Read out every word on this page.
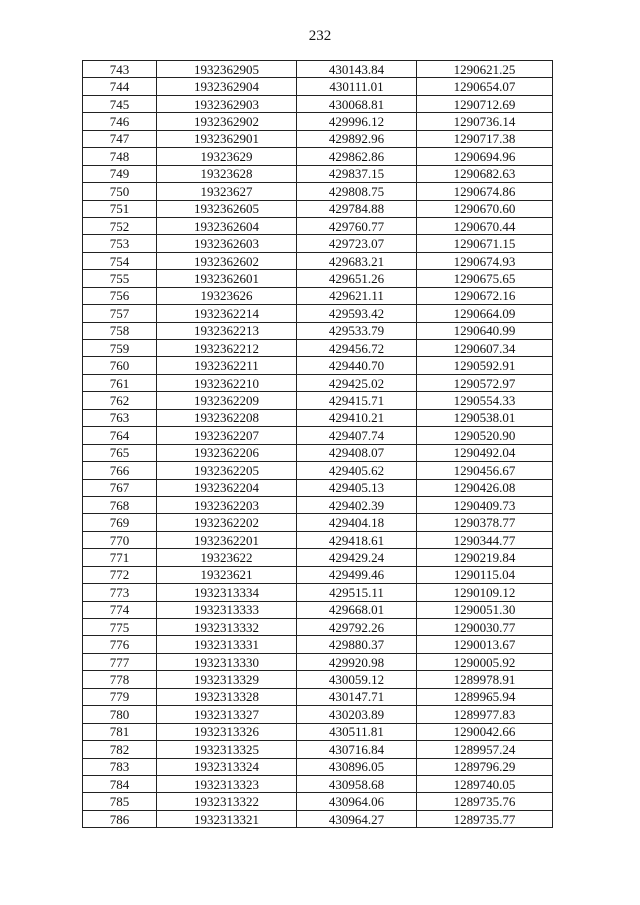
232
743	1932362905	430143.84	1290621.25
744	1932362904	430111.01	1290654.07
745	1932362903	430068.81	1290712.69
746	1932362902	429996.12	1290736.14
747	1932362901	429892.96	1290717.38
748	19323629	429862.86	1290694.96
749	19323628	429837.15	1290682.63
750	19323627	429808.75	1290674.86
751	1932362605	429784.88	1290670.60
752	1932362604	429760.77	1290670.44
753	1932362603	429723.07	1290671.15
754	1932362602	429683.21	1290674.93
755	1932362601	429651.26	1290675.65
756	19323626	429621.11	1290672.16
757	1932362214	429593.42	1290664.09
758	1932362213	429533.79	1290640.99
759	1932362212	429456.72	1290607.34
760	1932362211	429440.70	1290592.91
761	1932362210	429425.02	1290572.97
762	1932362209	429415.71	1290554.33
763	1932362208	429410.21	1290538.01
764	1932362207	429407.74	1290520.90
765	1932362206	429408.07	1290492.04
766	1932362205	429405.62	1290456.67
767	1932362204	429405.13	1290426.08
768	1932362203	429402.39	1290409.73
769	1932362202	429404.18	1290378.77
770	1932362201	429418.61	1290344.77
771	19323622	429429.24	1290219.84
772	19323621	429499.46	1290115.04
773	1932313334	429515.11	1290109.12
774	1932313333	429668.01	1290051.30
775	1932313332	429792.26	1290030.77
776	1932313331	429880.37	1290013.67
777	1932313330	429920.98	1290005.92
778	1932313329	430059.12	1289978.91
779	1932313328	430147.71	1289965.94
780	1932313327	430203.89	1289977.83
781	1932313326	430511.81	1290042.66
782	1932313325	430716.84	1289957.24
783	1932313324	430896.05	1289796.29
784	1932313323	430958.68	1289740.05
785	1932313322	430964.06	1289735.76
786	1932313321	430964.27	1289735.77
